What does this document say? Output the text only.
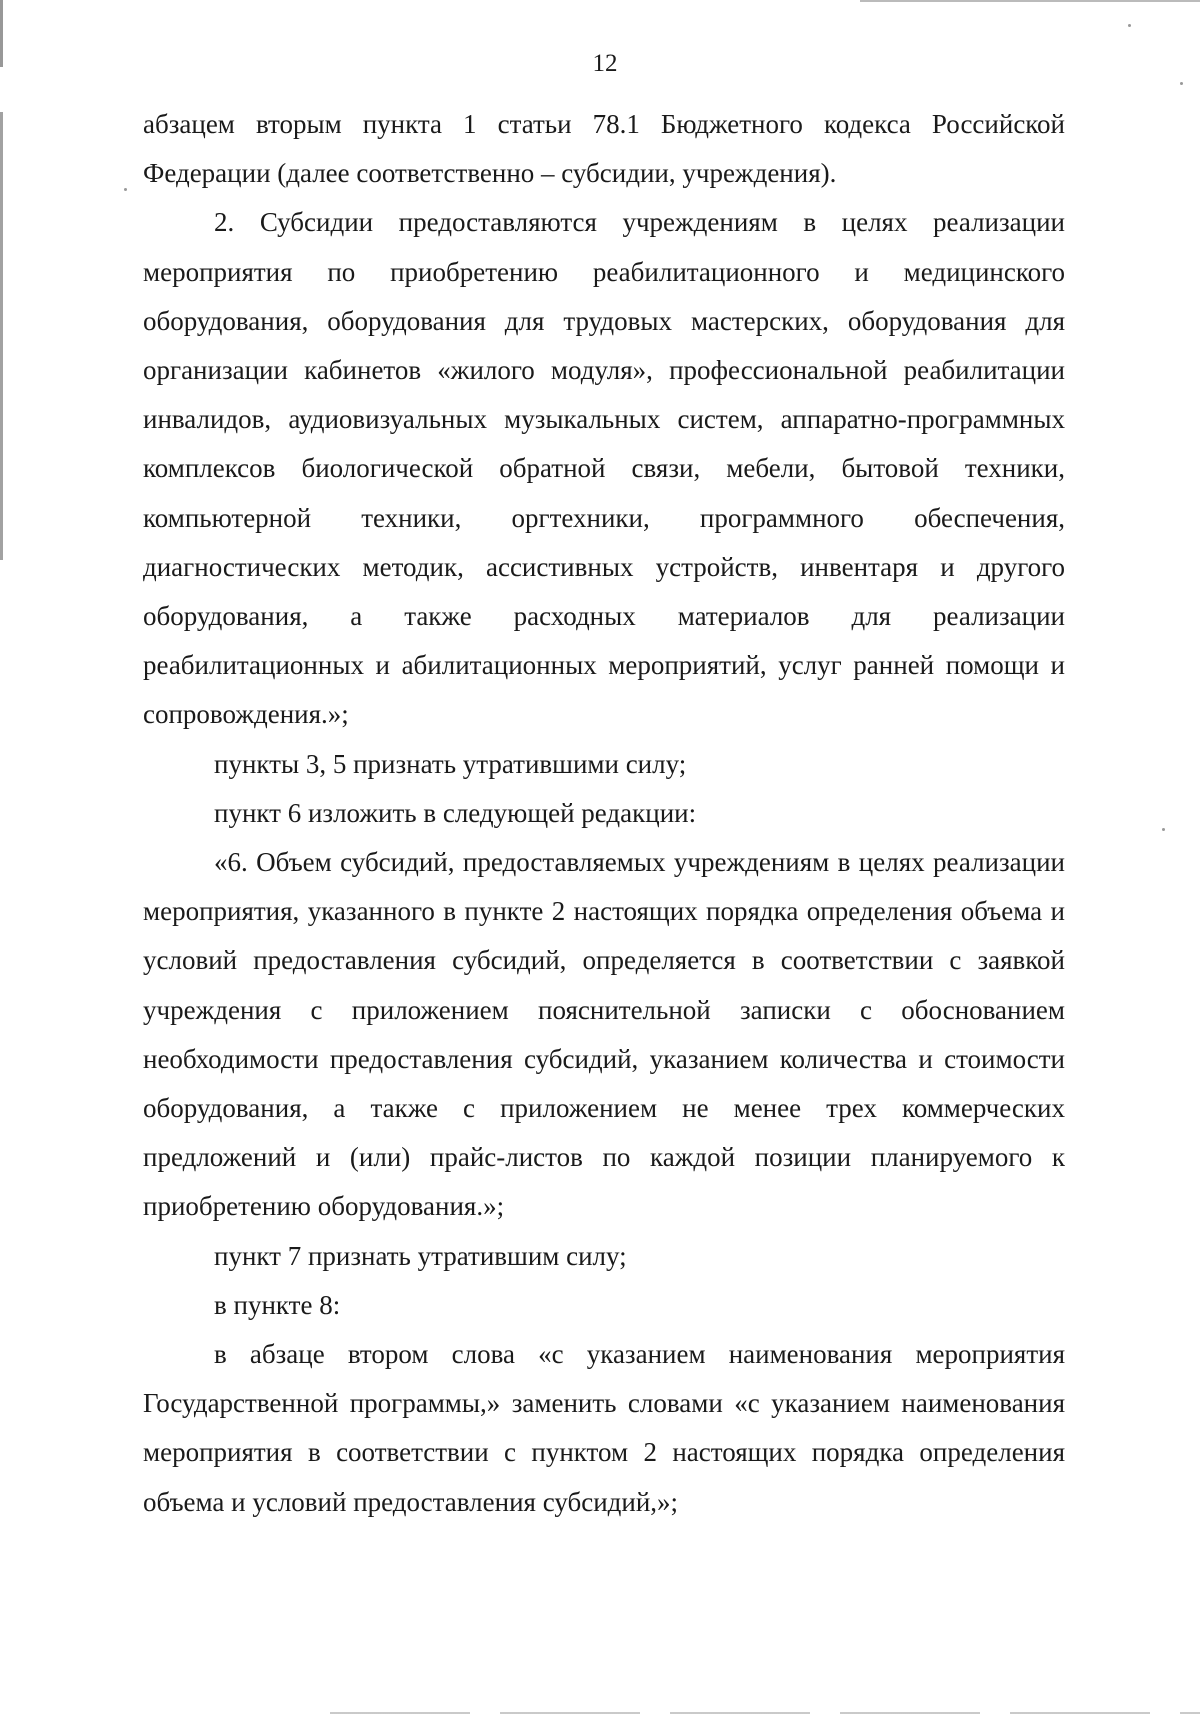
12

абзацем вторым пункта 1 статьи 78.1 Бюджетного кодекса Российской Федерации (далее соответственно – субсидии, учреждения).

2. Субсидии предоставляются учреждениям в целях реализации мероприятия по приобретению реабилитационного и медицинского оборудования, оборудования для трудовых мастерских, оборудования для организации кабинетов «жилого модуля», профессиональной реабилитации инвалидов, аудиовизуальных музыкальных систем, аппаратно-программных комплексов биологической обратной связи, мебели, бытовой техники, компьютерной техники, оргтехники, программного обеспечения, диагностических методик, ассистивных устройств, инвентаря и другого оборудования, а также расходных материалов для реализации реабилитационных и абилитационных мероприятий, услуг ранней помощи и сопровождения.»;

пункты 3, 5 признать утратившими силу;

пункт 6 изложить в следующей редакции:

«6. Объем субсидий, предоставляемых учреждениям в целях реализации мероприятия, указанного в пункте 2 настоящих порядка определения объема и условий предоставления субсидий, определяется в соответствии с заявкой учреждения с приложением пояснительной записки с обоснованием необходимости предоставления субсидий, указанием количества и стоимости оборудования, а также с приложением не менее трех коммерческих предложений и (или) прайс-листов по каждой позиции планируемого к приобретению оборудования.»;

пункт 7 признать утратившим силу;

в пункте 8:

в абзаце втором слова «с указанием наименования мероприятия Государственной программы,» заменить словами «с указанием наименования мероприятия в соответствии с пунктом 2 настоящих порядка определения объема и условий предоставления субсидий,»;
